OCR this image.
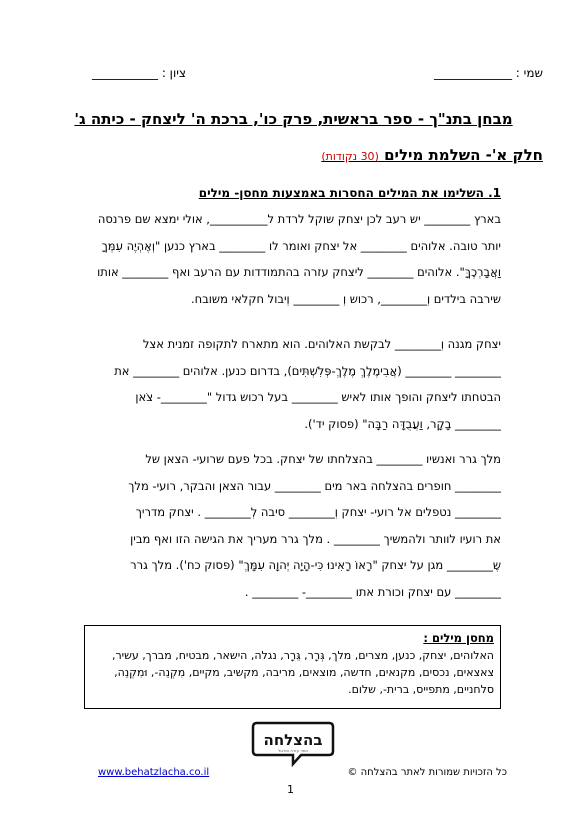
שמי : _____________
ציון : ___________
מבחן בתנ"ך - ספר בראשית, פרק כו', ברכת ה' ליצחק - כיתה ג'
חלק א'- השלמת מילים (30 נקודות)
1. השלימו את המילים החסרות באמצעות מחסן- מילים

בארץ ________ יש רעב לכן יצחק שוקל לרדת ל__________, אולי ימצא שם פרנסה

יותר טובה. אלוהים ________ אל יצחק ואומר לו ________ בארץ כנען "וְאֶהְיֶה עִמְּךָ

וַאֲבָרְכֶךָּ". אלוהים ________ ליצחק עזרה בהתמודדות עם הרעב ואף ________ אותו

שירבה בילדים וְ________, רכוש וְ ________ וְיבול חקלאי משובח.

יצחק מגנה וְ________ לבקשת האלוהים. הוא מתארח לתקופה זמנית אצל

________ ________ (אֲבִימֶלֶךְ מֶלֶךְ-פְּלִשְׁתִּים), בדרום כנען. אלוהים ________ את

הבטחתו ליצחק והופך אותו לאיש ________ בעל רכוש גדול "________- צֹאן

________ בָקָר, וַעֲבֻדָּה רַבָּה" (פסוק יד').

מלך גרר ואנשיו ________ בהצלחתו של יצחק. בכל פעם שרועי- הצאן של

________ חופרים בהצלחה באר מים ________ עבור הצאן והבקר, רועי- מלך

________ נטפלים אל רועי- יצחק וְ________ סיבה לְ________ . יצחק מדריך

את רועיו לוותר ולהמשיך ________ . מלך גרר מעריך את הגישה הזו ואף מבין

שֶ________ מגן על יצחק "רָאוֹ רָאִינוּ כִּי-הָיָה יְהוָה עִמָּךְ" (פסוק כח'). מלך גרר

________ עם יצחק וכורת אתו ________- ________ .

מחסן מילים :

האלוהים, יצחק, כנען, מצרים, מלך, גְּרָר, גֵּרָר, נגלה, הישאר, מבטיח, מברך, עשיר,

צאצאים, נכסים, מקנאים, חדשה, מוצאים, מריבה, מקשיב, מקיים, מִקְנֵה-, וּמִקְנֵה,

סלחניים, מתפייס, ברית-, שלום.

בהצלחה
אתר עזרה ותרגול
www.behatzlacha.co.il	כל הזכויות שמורות לאתר בהצלחה ©
1
